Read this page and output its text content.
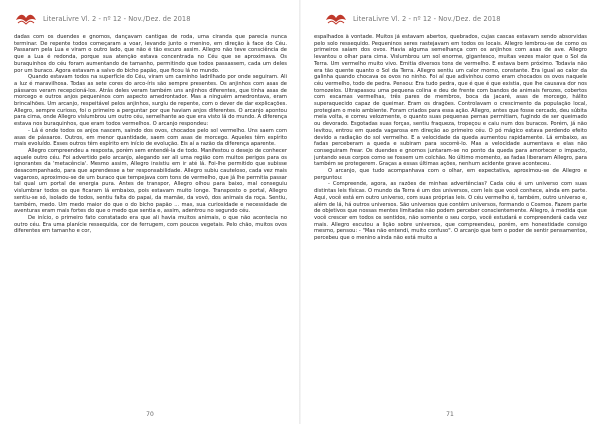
LiteraLivre Vl. 2 - nº 12 - Nov./Dez. de 2018

dadas com os duendes e gnomos, dançavam cantigas de roda, uma ciranda que parecia nunca terminar. De repente todos começaram a voar, levando junto o menino, em direção à face do Céu. Passaram pela Lua e viram o outro lado, que não é tão escuro assim. Allegro não teve consciência de que a Lua é redonda, porque sua atenção estava concentrada no Céu que se aproximava. Os buraquinhos do céu foram aumentando de tamanho, permitindo que todos passassem, cada um deles por um buraco. Agora estavam a salvo do bicho papão, que ficou lá no mundo.

Quando estavam todos na superfície do Céu, viram um caminho ladrilhado por onde seguiram. Ali a luz é maravilhosa. Todas as sete cores do arco-íris são sempre presentes. Os anjinhos com asas de pássaros veram recepcioná-los. Atrás deles veram também uns anjinhos diferentes, que tinha asas de morcego e outros anjos pequeninos com aspecto amedrontador. Mas a ninguém amedrontava, eram brincalhões. Um arcanjo, respeitável pelos anjinhos, surgiu de repente, com o dever de dar explicações. Allegro, sempre curioso, foi o primeiro a perguntar por que haviam anjos diferentes. O arcanjo apontou para cima, onde Allegro vislumbrou um outro céu, semelhante ao que era visto lá do mundo. A diferença estava nos buraquinhos, que eram todos vermelhos. O arcanjo respondeu:

- Lá é onde todos os anjos nascem, saindo dos ovos, chocados pelo sol vermelho. Uns saem com asas de pássaros. Outros, em menor quantidade, saem com asas de morcego. Aqueles têm espírito mais evoluído. Esses outros têm espírito em início de evolução. Eis aí a razão da diferença aparente.

Allegro compreendeu a resposta, porém sem entendê-la de todo. Manifestou o desejo de conhecer aquele outro céu. Foi advertido pelo arcanjo, alegando ser ali uma região com muitos perigos para os ignorantes da 'metacência'. Mesmo assim, Allegro insistiu em ir até lá. Foi-lhe permitido que subisse desacompanhado, para que aprendesse a ter responsabilidade. Allegro subiu cauteloso, cada vez mais vagaroso, aproximou-se de um buraco que tempejava com tons de vermelho, que já lhe permitia passar tal qual um portal de energia pura. Antes de transpor, Allegro olhou para baixo, mal conseguiu vislumbrar todos os que ficaram lá embaixo, pois estavam muito longe. Transposto o portal, Allegro sentiu-se só, isolado de todos, sentiu falta do papai, da mamãe, da vovó, dos animais da roça. Sentiu, também, medo. Um medo maior do que o do bicho papão ... mas, sua curiosidade e necessidade de aventuras eram mais fortes do que o medo que sentia e, assim, adentrou no segundo céu.

De início, o primeiro fato constatado era que ali havia muitos animais, o que não acontecia no outro céu. Era uma planície ressequida, cor de ferrugem, com poucos vegetais. Pelo chão, muitos ovos diferentes em tamanho e cor,

70
LiteraLivre Vl. 2 - nº 12 - Nov./Dez. de 2018

espalhados à vontade. Muitos já estavam abertos, quebrados, cujas cascas estavam sendo absorvidas pelo solo ressequido. Pequeninos seres rastejavam em todos os locais. Allegro lembrou-se de como os primeiros saíam dos ovos. Havia alguma semelhança com os anjinhos com asas de ave. Allegro levantou o olhar para cima. Vislumbrou um sol enorme, gigantesco, muitas vezes maior que o Sol da Terra. Um vermelho muito vivo. Emitia diversos tons de vermelho. E estava bem próximo. Todavia não era tão quente quanto o Sol da Terra. Allegro sentiu um calor morno, constante. Era igual ao calor da galinha quando chocava os ovos no ninho. Foi aí que adivinhou como eram chocados os ovos naquele céu vermelho, todo de pedra. Pensou: Era tudo pedra, que é que é que existia, que lhe causava dor nos tornozelos. Ultrapassou uma pequena colina e deu de frente com bandos de animais ferozes, cobertos com escamas vermelhas, três pares de membros, boca da jacaré, asas de morcego, hálito superaquecido capaz de queimar. Eram os dragões. Controlavam o crescimento da população local, protegiam o meio ambiente. Foram criados para essa ação. Allegro, antes que fosse cercado, deu súbita meia volta, e correu velozmente, o quanto suas pequenas pernas permitiam, fugindo de ser queimado ou devorado. Esgotadas suas forças, sentiu fraqueza, tropeçou e caiu num dos buracos. Porém, já não levitou, entrou em queda vagarosa em direção ao primeiro céu. O pó mágico estava perdendo efeito devido a radiação do sol vermelho. E a velocidade da queda aumentou rapidamente. Lá embaixo, as fadas perceberam a queda e subiram para socorrê-lo. Mas a velocidade aumentava e elas não conseguiram frear. Os duendes e gnomos juntaram-se no ponto da queda para amortecer o impacto, juntando seus corpos como se fossem um colchão. No último momento, as fadas liberaram Allegro, para também se protegerem. Graças a essas últimas ações, nenhum acidente grave aconteceu.

O arcanjo, que tudo acompanhava com o olhar, em expectativa, aproximou-se de Allegro e perguntou:

- Compreende, agora, as razões de minhas advertências? Cada céu é um universo com suas distintas leis físicas. O mundo da Terra é um dos universos, com leis que você conhece, ainda em parte. Aqui, você está em outro universo, com suas próprias leis. O céu vermelho é, também, outro universo e, além de lá, há outros universos. São universos que contêm universos, formando o Cosmos. Fazem parte de objetivos que nossas mentes limitadas não podem perceber conscientemente. Allegro, à medida que você crescer em todos os sentidos, não somente o seu corpo, você estudará e compreenderá cada vez mais. Allegro escutou a lição sobre universos, que compreendeu, porém, em honestidade consigo mesmo, pensou: - "Mas não entendi, muito confuso". O arcanjo que tem o poder de sentir pensamentos, percebeu que o menino ainda não está muito a

71
